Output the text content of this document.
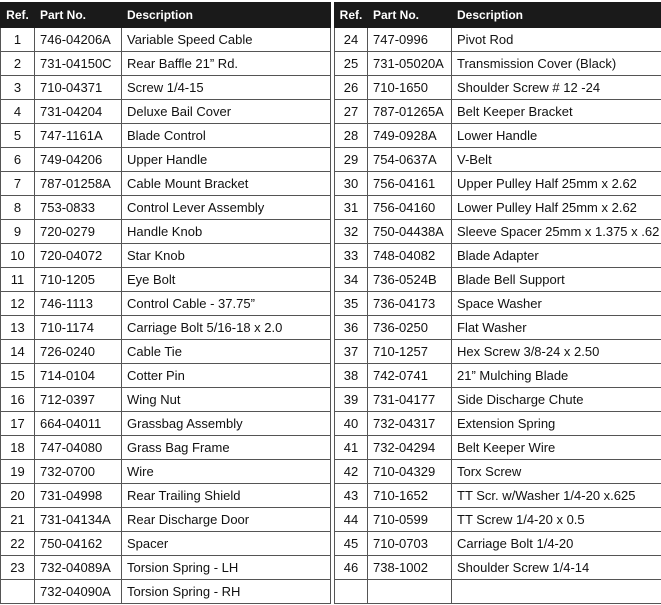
Ref.	Part No.	Description		Ref.	Part No.	Description
1	746-04206A	Variable Speed Cable		24	747-0996	Pivot Rod
2	731-04150C	Rear Baffle 21” Rd.		25	731-05020A	Transmission Cover (Black)
3	710-04371	Screw 1/4-15		26	710-1650	Shoulder Screw # 12 -24
4	731-04204	Deluxe Bail Cover		27	787-01265A	Belt Keeper Bracket
5	747-1161A	Blade Control		28	749-0928A	Lower Handle
6	749-04206	Upper Handle		29	754-0637A	V-Belt
7	787-01258A	Cable Mount Bracket		30	756-04161	Upper Pulley Half 25mm x 2.62
8	753-0833	Control Lever Assembly		31	756-04160	Lower Pulley Half 25mm x 2.62
9	720-0279	Handle Knob		32	750-04438A	Sleeve Spacer 25mm x 1.375 x .62
10	720-04072	Star Knob		33	748-04082	Blade Adapter
11	710-1205	Eye Bolt		34	736-0524B	Blade Bell Support
12	746-1113	Control Cable - 37.75”		35	736-04173	Space Washer
13	710-1174	Carriage Bolt 5/16-18 x 2.0		36	736-0250	Flat Washer
14	726-0240	Cable Tie		37	710-1257	Hex Screw 3/8-24 x 2.50
15	714-0104	Cotter Pin		38	742-0741	21” Mulching Blade
16	712-0397	Wing Nut		39	731-04177	Side Discharge Chute
17	664-04011	Grassbag Assembly		40	732-04317	Extension Spring
18	747-04080	Grass Bag Frame		41	732-04294	Belt Keeper Wire
19	732-0700	Wire		42	710-04329	Torx Screw
20	731-04998	Rear Trailing Shield		43	710-1652	TT Scr. w/Washer 1/4-20 x.625
21	731-04134A	Rear Discharge Door		44	710-0599	TT Screw 1/4-20 x 0.5
22	750-04162	Spacer		45	710-0703	Carriage Bolt 1/4-20
23	732-04089A	Torsion Spring - LH		46	738-1002	Shoulder Screw 1/4-14
	732-04090A	Torsion Spring - RH				
